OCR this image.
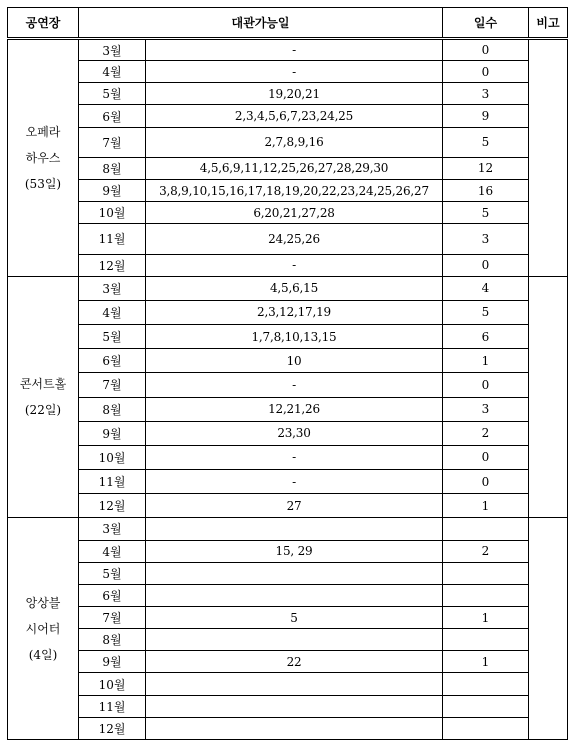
공연장	대관가능일		일수	비고

오페라
하우스
(53일)	3월	-	0	
	4월	-	0	
	5월	19,20,21	3	
	6월	2,3,4,5,6,7,23,24,25	9	
	7월	2,7,8,9,16	5	
	8월	4,5,6,9,11,12,25,26,27,28,29,30	12	
	9월	3,8,9,10,15,16,17,18,19,20,22,23,24,25,26,27	16	
	10월	6,20,21,27,28	5	
	11월	24,25,26	3	
	12월	-	0	

콘서트홀
(22일)	3월	4,5,6,15	4	
	4월	2,3,12,17,19	5	
	5월	1,7,8,10,13,15	6	
	6월	10	1	
	7월	-	0	
	8월	12,21,26	3	
	9월	23,30	2	
	10월	-	0	
	11월	-	0	
	12월	27	1	

앙상블
시어터
(4일)	3월			
	4월	15, 29	2	
	5월			
	6월			
	7월	5	1	
	8월			
	9월	22	1	
	10월			
	11월			
	12월			
